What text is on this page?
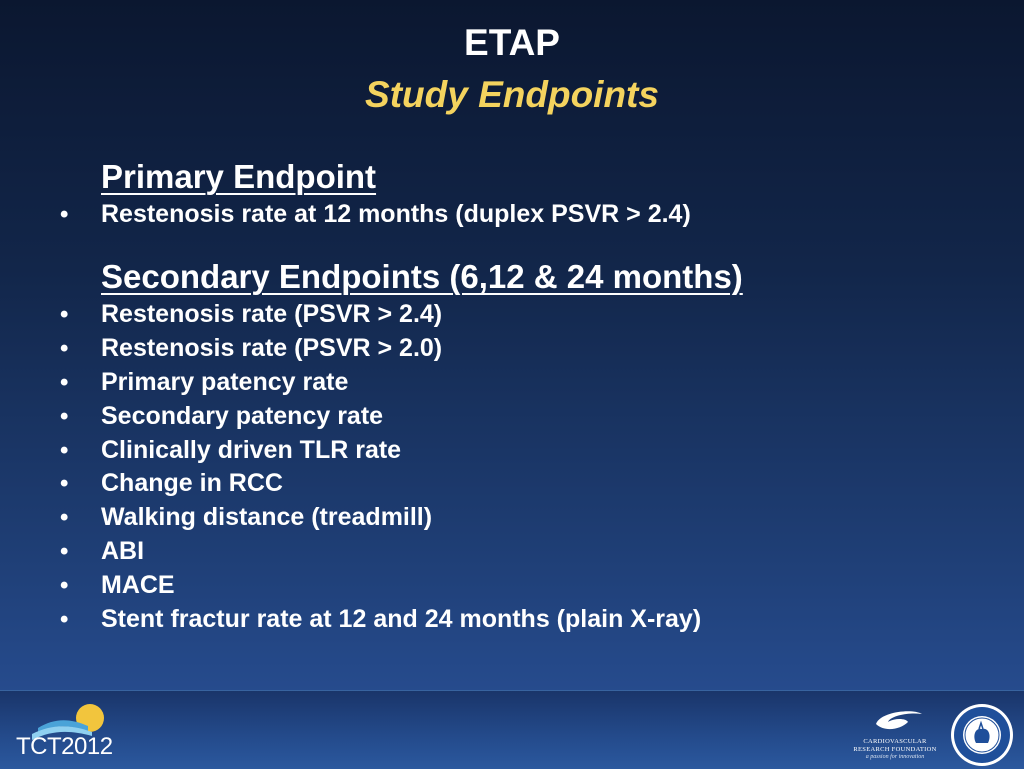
ETAP
Study Endpoints
Primary Endpoint
•	Restenosis rate at 12 months (duplex PSVR > 2.4)
Secondary Endpoints (6,12 & 24 months)
•	Restenosis rate (PSVR > 2.4)
•	Restenosis rate (PSVR > 2.0)
•	Primary patency rate
•	Secondary patency rate
•	Clinically driven TLR rate
•	Change in RCC
•	Walking distance (treadmill)
•	ABI
•	MACE
•	Stent fractur rate at 12 and 24 months (plain X-ray)
TCT2012	CARDIOVASCULAR RESEARCH FOUNDATION
a passion for innovation
